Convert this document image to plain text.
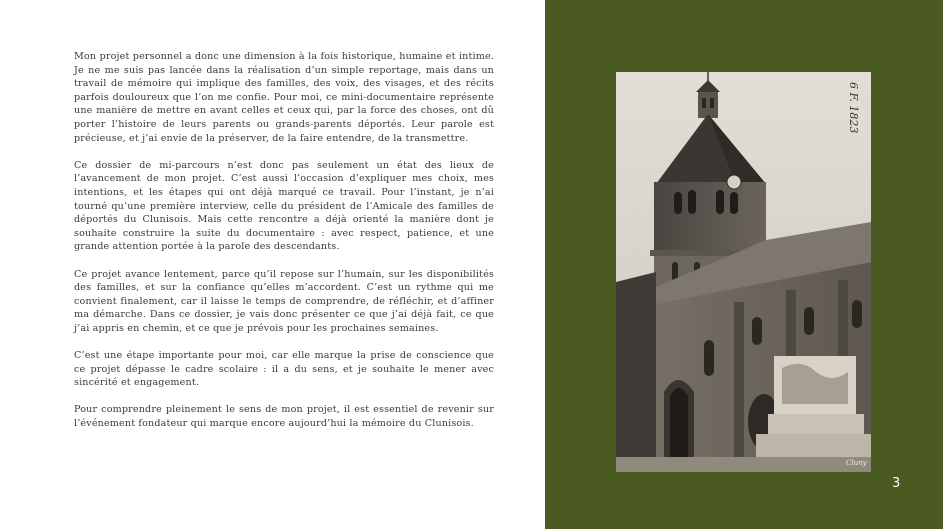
Mon projet personnel a donc une dimension à la fois historique, humaine et intime. Je ne me suis pas lancée dans la réalisation d’un simple reportage, mais dans un travail de mémoire qui implique des familles, des voix, des visages, et des récits parfois douloureux que l’on me confie. Pour moi, ce mini-documentaire représente une manière de mettre en avant celles et ceux qui, par la force des choses, ont dû porter l’histoire de leurs parents ou grands-parents déportés. Leur parole est précieuse, et j’ai envie de la préserver, de la faire entendre, de la transmettre.

Ce dossier de mi-parcours n’est donc pas seulement un état des lieux de l’avancement de mon projet. C’est aussi l’occasion d’expliquer mes choix, mes intentions, et les étapes qui ont déjà marqué ce travail. Pour l’instant, je n’ai tourné qu’une première interview, celle du président de l’Amicale des familles de déportés du Clunisois. Mais cette rencontre a déjà orienté la manière dont je souhaite construire la suite du documentaire : avec respect, patience, et une grande attention portée à la parole des descendants.

Ce projet avance lentement, parce qu’il repose sur l’humain, sur les disponibilités des familles, et sur la confiance qu’elles m’accordent. C’est un rythme qui me convient finalement, car il laisse le temps de comprendre, de réfléchir, et d’affiner ma démarche. Dans ce dossier, je vais donc présenter ce que j’ai déjà fait, ce que j’ai appris en chemin, et ce que je prévois pour les prochaines semaines.

C’est une étape importante pour moi, car elle marque la prise de conscience que ce projet dépasse le cadre scolaire : il a du sens, et je souhaite le mener avec sincérité et engagement.

Pour comprendre pleinement le sens de mon projet, il est essentiel de revenir sur l’événement fondateur qui marque encore aujourd’hui la mémoire du Clunisois.

6 F. 1823
Cluny
3
